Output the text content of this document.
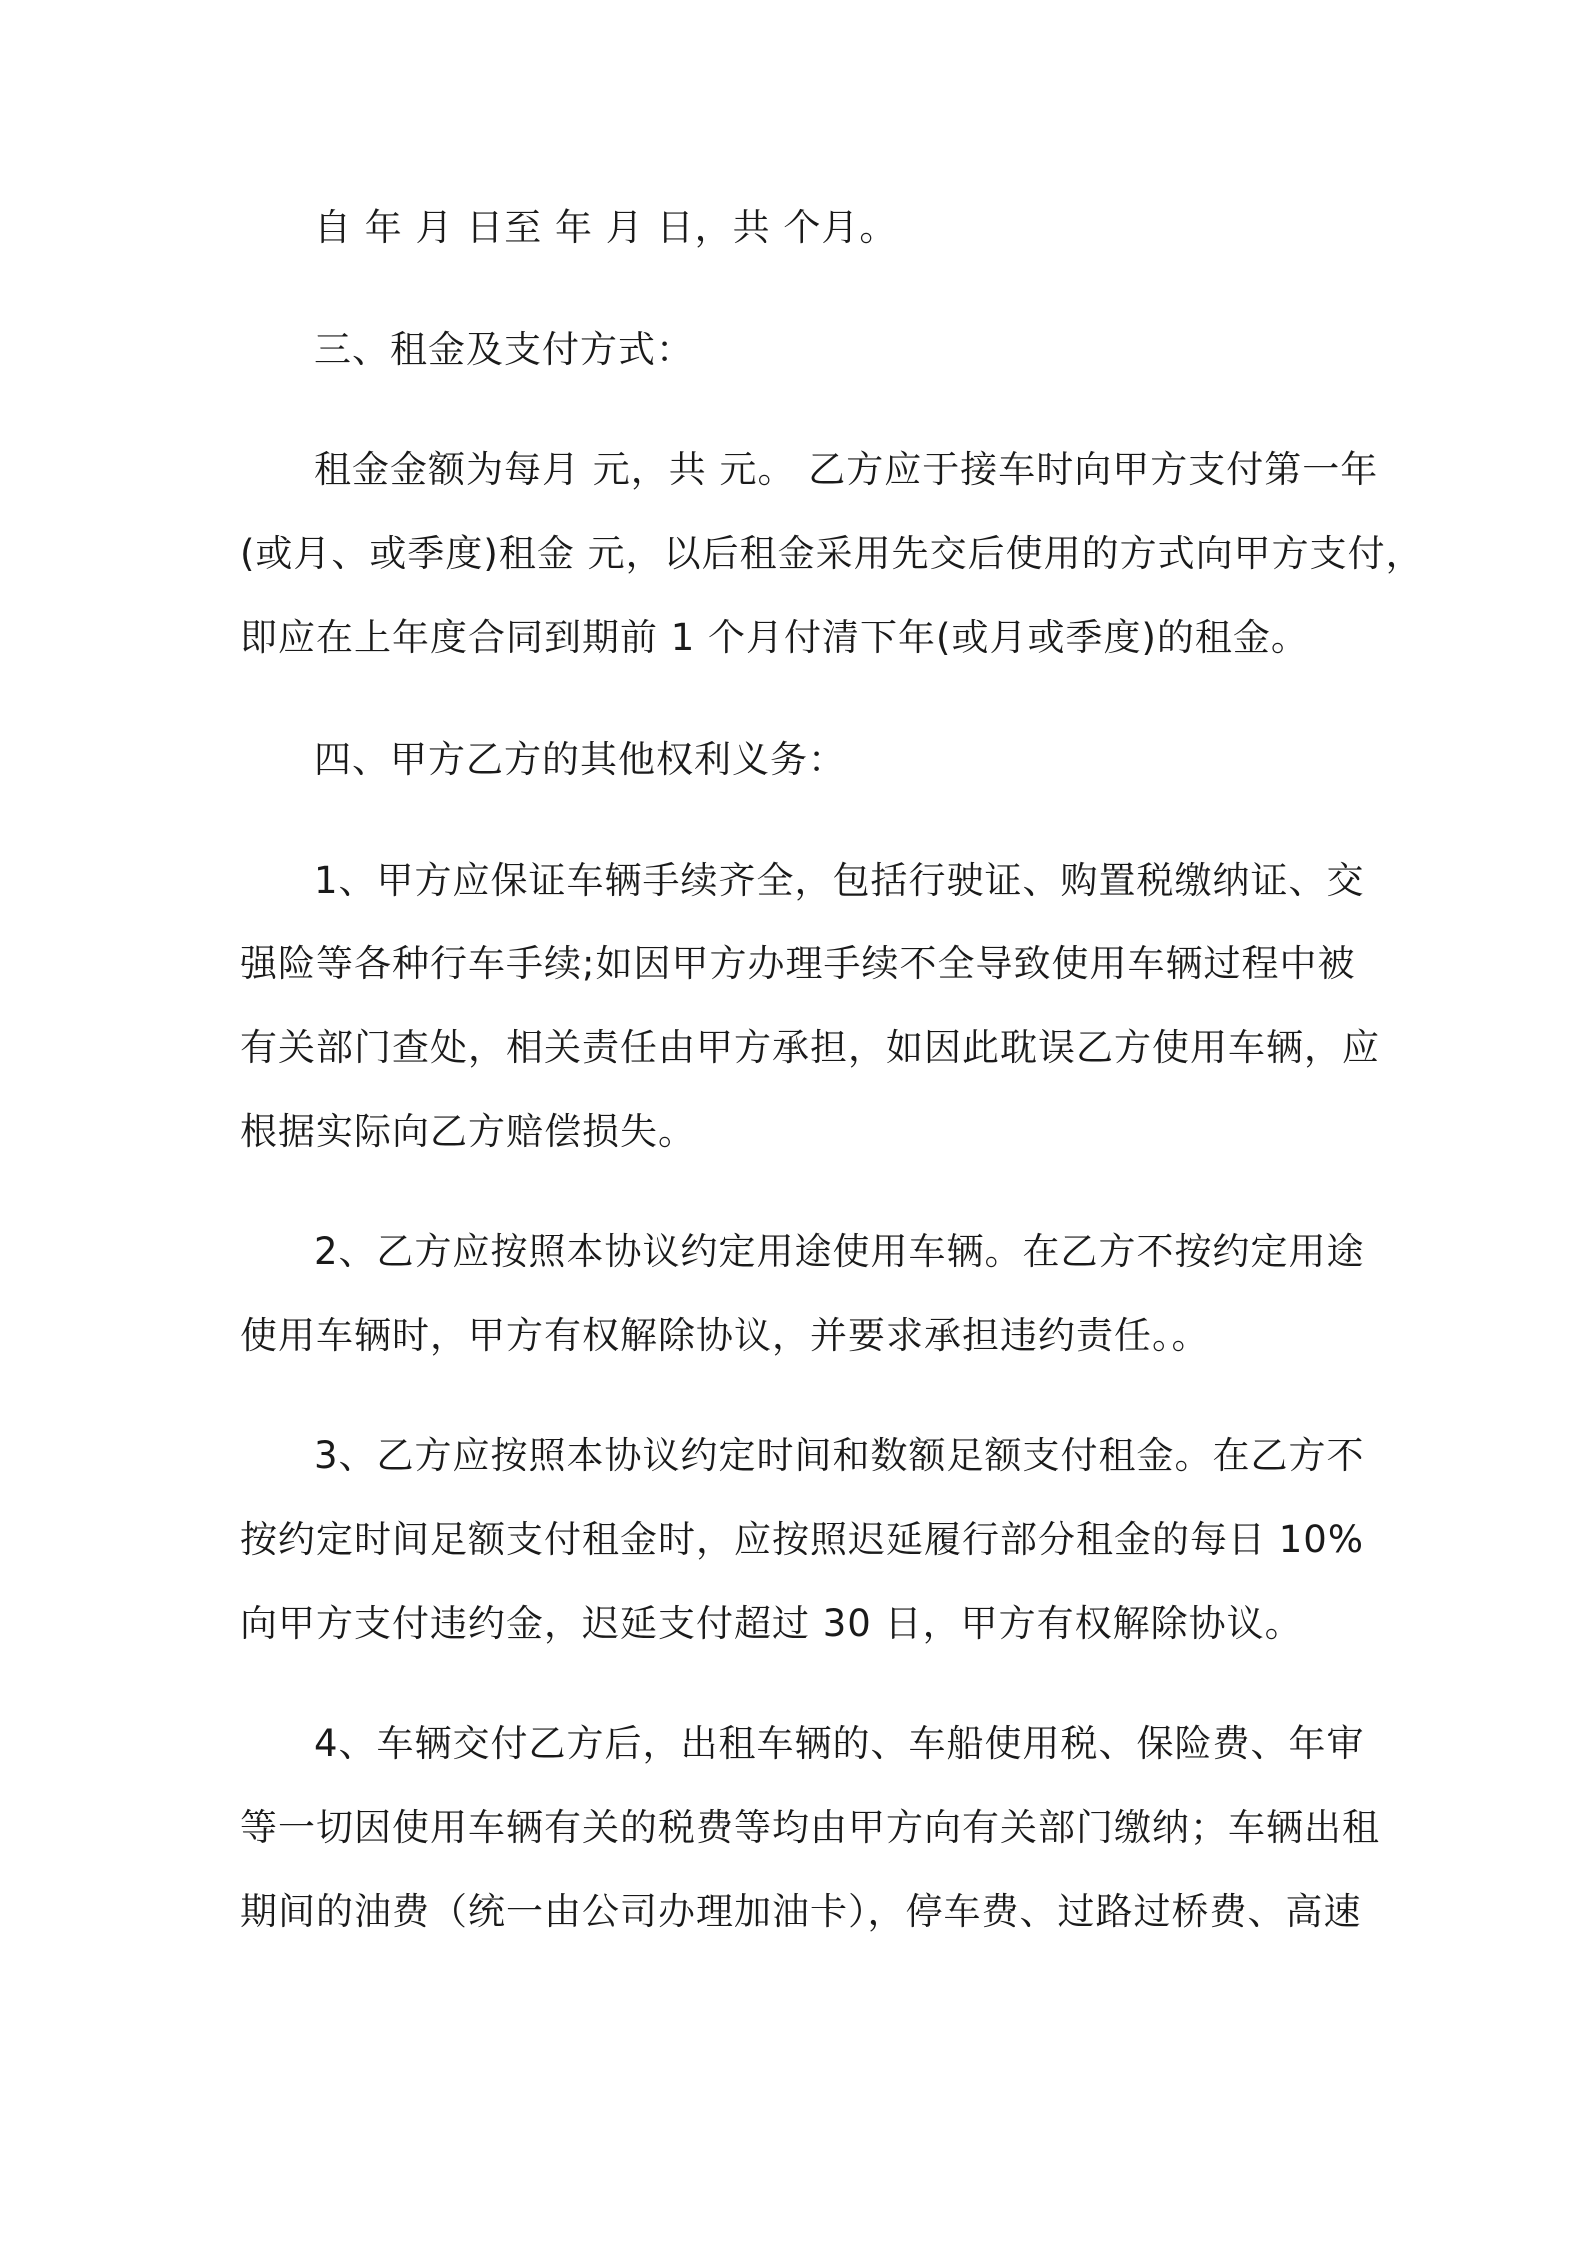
自 年 月 日至 年 月 日，共 个月。
三、租金及支付方式：
租金金额为每月 元，共 元。 乙方应于接车时向甲方支付第一年
(或月、或季度)租金 元，以后租金采用先交后使用的方式向甲方支付，
即应在上年度合同到期前 1 个月付清下年(或月或季度)的租金。
四、甲方乙方的其他权利义务：
1、甲方应保证车辆手续齐全，包括行驶证、购置税缴纳证、交
强险等各种行车手续;如因甲方办理手续不全导致使用车辆过程中被
有关部门查处，相关责任由甲方承担，如因此耽误乙方使用车辆，应
根据实际向乙方赔偿损失。
2、乙方应按照本协议约定用途使用车辆。在乙方不按约定用途
使用车辆时，甲方有权解除协议，并要求承担违约责任。。
3、乙方应按照本协议约定时间和数额足额支付租金。在乙方不
按约定时间足额支付租金时，应按照迟延履行部分租金的每日 10%
向甲方支付违约金，迟延支付超过 30 日，甲方有权解除协议。
4、车辆交付乙方后，出租车辆的、车船使用税、保险费、年审
等一切因使用车辆有关的税费等均由甲方向有关部门缴纳；车辆出租
期间的油费（统一由公司办理加油卡），停车费、过路过桥费、高速
